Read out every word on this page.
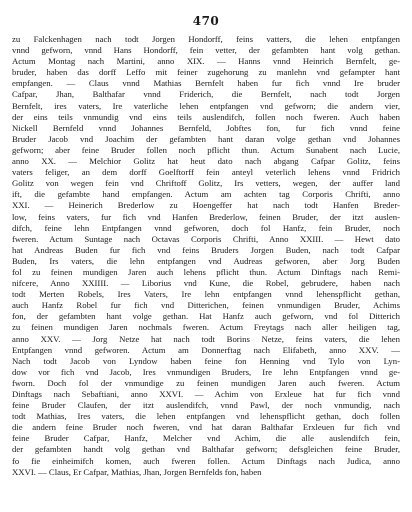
470
zu Falckenhagen nach todt Jorgen Hondorff, feins vatters, die lehen entpfangen
vnnd gefworn, vnnd Hans Hondorff, fein vetter, der gefambten hant volg gethan.
Actum Montag nach Martini, anno XIX. — Hanns vnnd Heinrich Bernfelt, ge-
bruder, haben das dorff Leffo mit feiner zugehorung zu manlehn vnd gefampter hant
empfangen. — Claus vnnd Mathias Bernfelt haben fur fich vnnd Ire bruder
Cafpar, Jhan, Balthafar vnnd Friderich, die Bernfelt, nach todt Jorgen
Bernfelt, ires vaters, Ire vaterliche lehen entpfangen vnd gefworn; die andern vier,
der eins teils vnmundig vnd eins teils auslendifch, follen noch fweren. Auch haben
Nickell Bernfeld vnnd Johannes Bernfeld, Jobftes fon, fur fich vnnd feine
Bruder Jacob vnd Joachim der gefambten hant daran volge gethan vnd Johannes
gefworn; aber feine Bruder follen noch pflicht thun. Actum Sunabent nach Lucie,
anno XX. — Melchior Golitz hat heut dato nach abgang Cafpar Golitz, feins
vaters feliger, an dem dorff Goelftorff fein anteyl veterlich lehens vnnd Fridrich
Golitz von wegen fein vnd Chriftoff Golitz, Irs vetters, wegen, der auffer land
ift, die gefambte hand empfangen. Actum am achten tag Corporis Chrifti, anno
XXI. — Heinerich Brederlow zu Hoengeffer hat nach todt Hanfen Breder-
low, feins vaters, fur fich vnd Hanfen Brederlow, feinen Bruder, der itzt auslen-
difch, feine lehn Entpfangen vnnd gefworen, doch fol Hanfz, fein Bruder, noch
fweren. Actum Suntage nach Octavas Corporis Chrifti, Anno XXIII. — Hewt dato
hat Andreas Buden fur fich vnd feins Bruders Jorgen Buden, nach todt Cafpar
Buden, Irs vaters, die lehn entpfangen vnd Audreas gefworen, aber Jorg Buden
fol zu feinen mundigen Jaren auch lehens pflicht thun. Actum Dinftags nach Remi-
nifcere, Anno XXIIII. — Liborius vnd Kune, die Robel, gebrudere, haben nach
todt Merten Robels, Ires Vaters, Ire lehn entpfangen vnnd lehenspflicht gethan,
auch Hanfz Robel fur fich vnd Ditterichen, feinen vnmundigen Bruder, Achims
fon, der gefambten hant volge gethan. Hat Hanfz auch gefworn, vnd fol Ditterich
zu feinen mundigen Jaren nochmals fweren. Actum Freytags nach aller heiligen tag,
anno XXV. — Jorg Netze hat nach todt Borins Netze, feins vaters, die lehen
Entpfangen vnnd gefworen. Actum am Donnerftag nach Elifabeth, anno XXV. —
Nach todt Jacob von Lyndow haben feine fon Henning vnd Tylo von Lyn-
dow vor fich vnd Jacob, Ires vnmundigen Bruders, Ire lehn Entpfangen vnnd ge-
fworn. Doch fol der vnmundige zu feinen mundigen Jaren auch fweren. Actum
Dinftags nach Sebaftiani, anno XXVI. — Achim von Erxleue hat fur fich vnnd
feine Bruder Claufen, der itzt auslendifch, vnnd Pawl, der noch vnmundig, nach
todt Mathias, Ires vaters, die lehen entpfangen vnd lehenspflicht gethan, doch follen
die andern feine Bruder noch fweren, vnd hat daran Balthafar Erxleuen fur fich vnd
feine Bruder Cafpar, Hanfz, Melcher vnd Achim, die alle auslendifch fein,
der gefambten handt volg gethan vnd Balthafar gefworn; defsgleichen feine Bruder,
fo fie einheimifch komen, auch fweren follen. Actum Dinftags nach Judica, anno
XXVI. — Claus, Er Cafpar, Mathias, Jhan, Jorgen Bernfelds fon, haben
